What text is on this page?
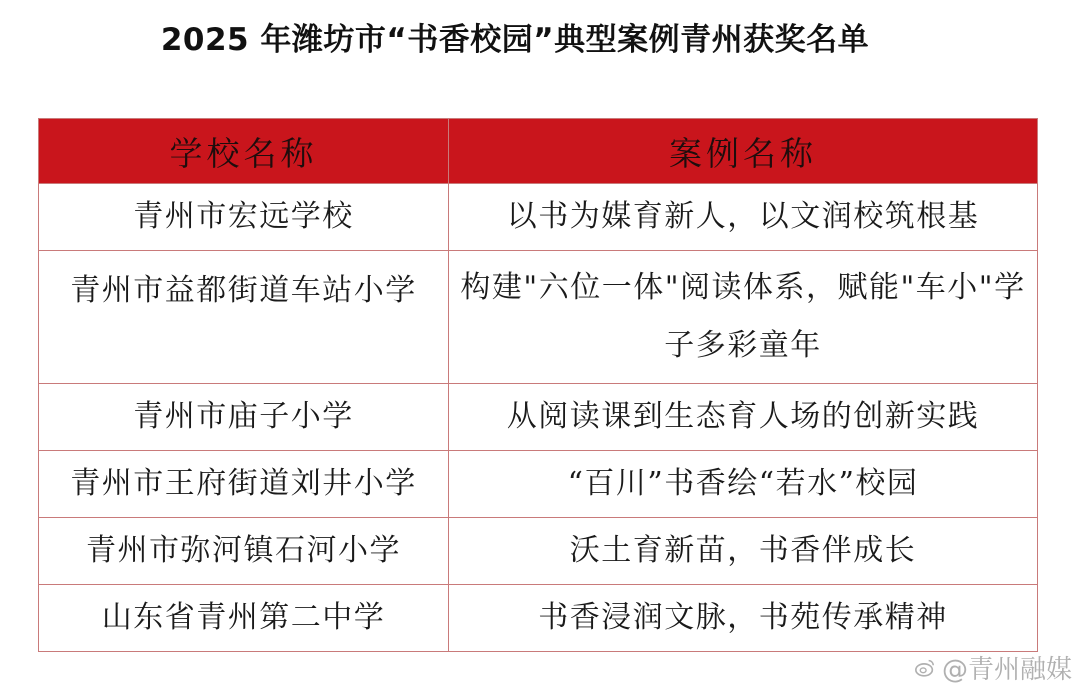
2025 年潍坊市“书香校园”典型案例青州获奖名单
学校名称	案例名称
青州市宏远学校	以书为媒育新人，以文润校筑根基
青州市益都街道车站小学	构建"六位一体"阅读体系，赋能"车小"学子多彩童年
青州市庙子小学	从阅读课到生态育人场的创新实践
青州市王府街道刘井小学	“百川”书香绘“若水”校园
青州市弥河镇石河小学	沃土育新苗，书香伴成长
山东省青州第二中学	书香浸润文脉，书苑传承精神
@青州融媒
